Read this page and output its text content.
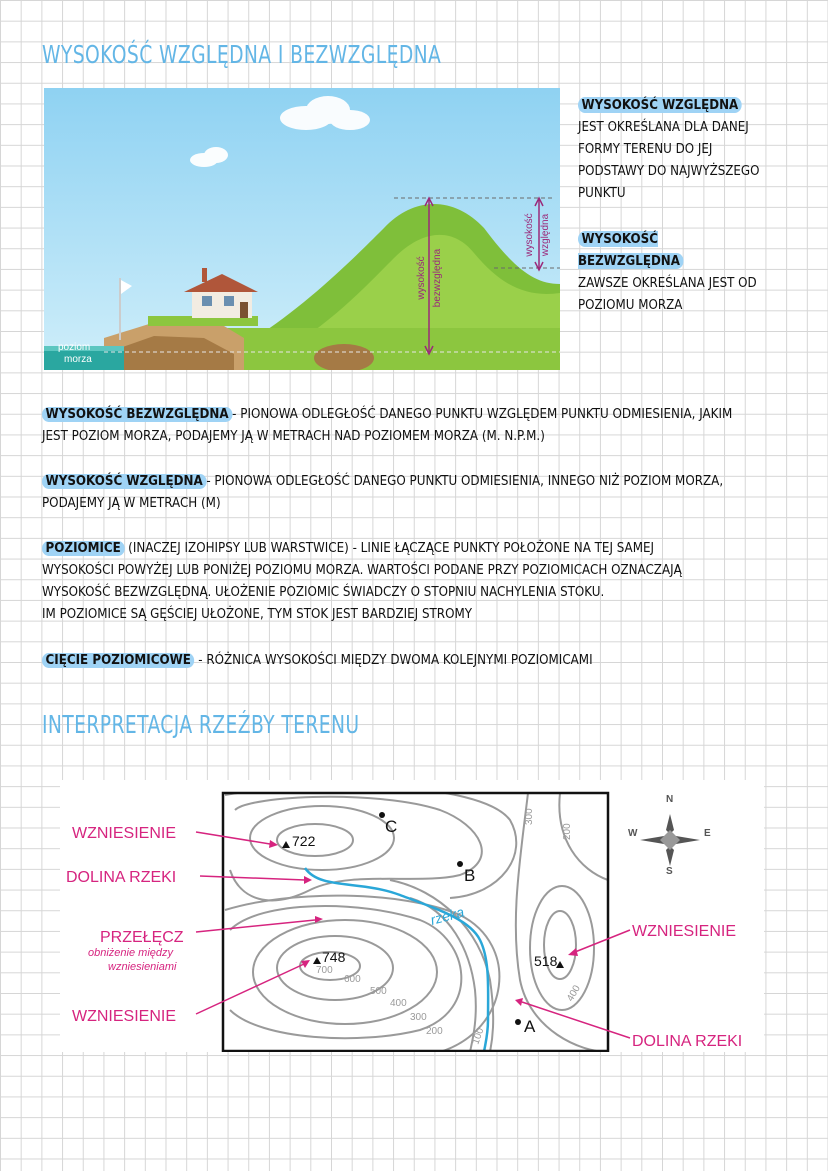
WYSOKOŚĆ WZGLĘDNA I BEZWZGLĘDNA
poziom
morza
wysokość bezwzględna
wysokość względna
WYSOKOŚĆ WZGLĘDNA
JEST OKREŚLANA DLA DANEJ FORMY TERENU DO JEJ PODSTAWY DO NAJWYŻSZEGO PUNKTU
WYSOKOŚĆ BEZWZGLĘDNA
ZAWSZE OKREŚLANA JEST OD POZIOMU MORZA
WYSOKOŚĆ BEZWZGLĘDNA - PIONOWA ODLEGŁOŚĆ DANEGO PUNKTU WZGLĘDEM PUNKTU ODMIESIENIA, JAKIM
JEST POZIOM MORZA, PODAJEMY JĄ W METRACH NAD POZIOMEM MORZA (M. N.P.M.)
WYSOKOŚĆ WZGLĘDNA - PIONOWA ODLEGŁOŚĆ DANEGO PUNKTU ODMIESIENIA, INNEGO NIŻ POZIOM MORZA,
PODAJEMY JĄ W METRACH (M)
POZIOMICE (INACZEJ IZOHIPSY LUB WARSTWICE) - LINIE ŁĄCZĄCE PUNKTY POŁOŻONE NA TEJ SAMEJ
WYSOKOŚCI POWYŻEJ LUB PONIŻEJ POZIOMU MORZA. WARTOŚCI PODANE PRZY POZIOMICACH OZNACZAJĄ
WYSOKOŚĆ BEZWZGLĘDNĄ. UŁOŻENIE POZIOMIC ŚWIADCZY O STOPNIU NACHYLENIA STOKU.
IM POZIOMICE SĄ GĘŚCIEJ UŁOŻONE, TYM STOK JEST BARDZIEJ STROMY
CIĘCIE POZIOMICOWE - RÓŻNICA WYSOKOŚCI MIĘDZY DWOMA KOLEJNYMI POZIOMICAMI
INTERPRETACJA RZEŹBY TERENU
300
200
700
600
500
400
300
200	100
400
722
748	518
C
B
A
rzeka
WZNIESIENIE
DOLINA RZEKI
PRZEŁĘCZ
obniżenie między
wzniesieniami
WZNIESIENIE
WZNIESIENIE
DOLINA RZEKI
N
S
W	E
